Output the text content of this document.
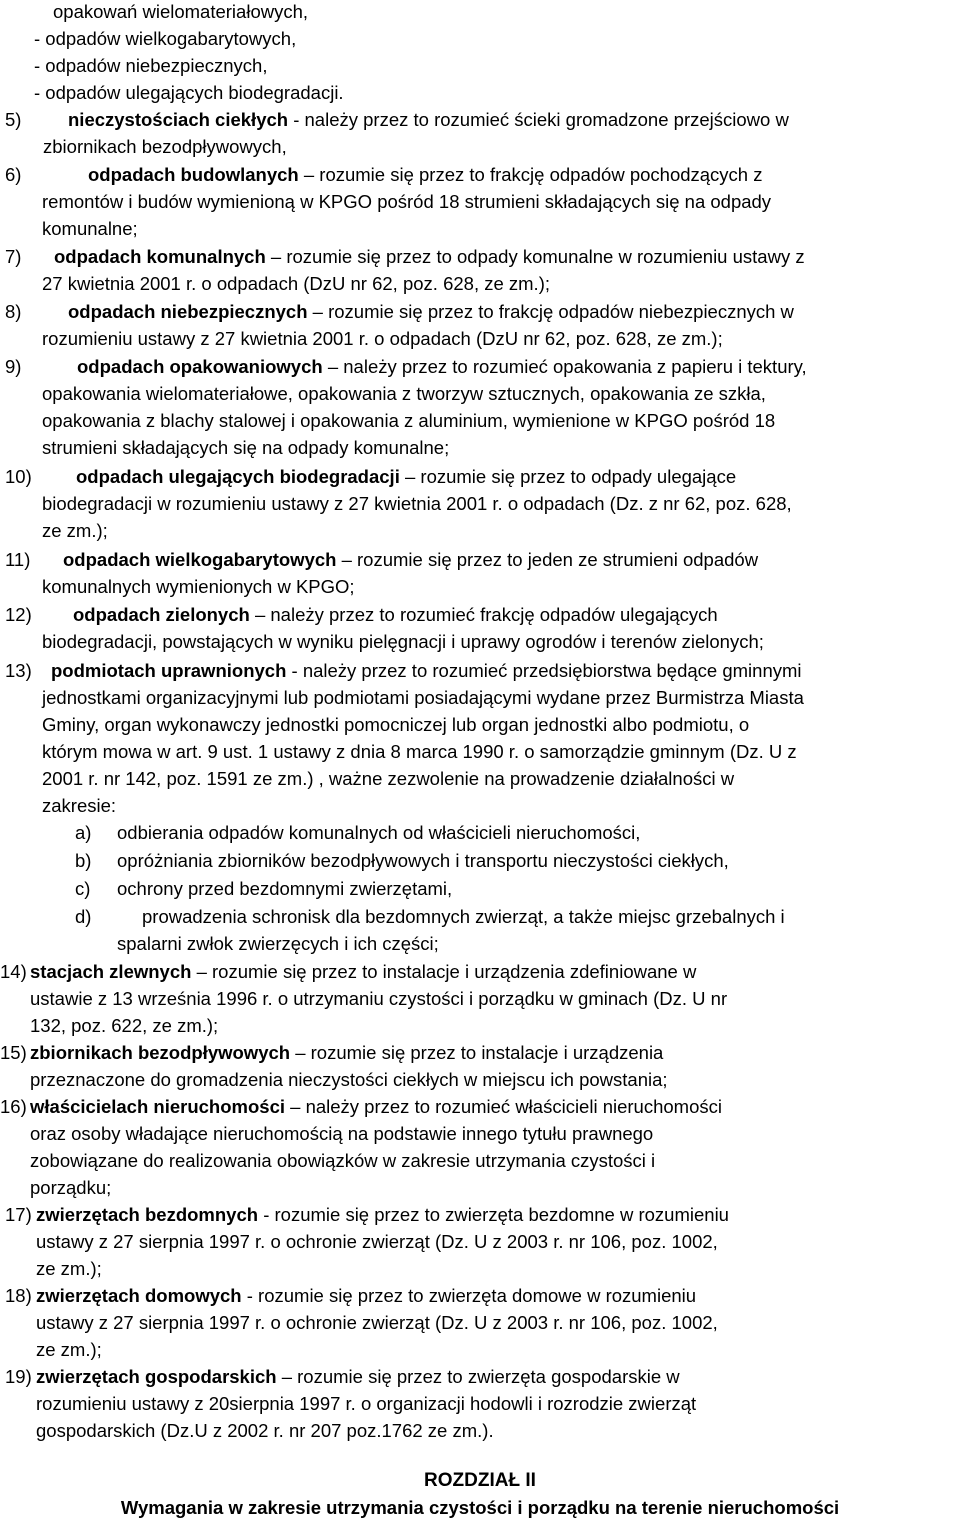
opakowań wielomateriałowych,
- odpadów wielkogabarytowych,
- odpadów niebezpiecznych,
- odpadów ulegających biodegradacji.
5)	nieczystościach ciekłych - należy przez to rozumieć ścieki gromadzone przejściowo w
zbiornikach bezodpływowych,
6)	odpadach budowlanych – rozumie się przez to frakcję odpadów pochodzących z
remontów i budów wymienioną w KPGO pośród 18 strumieni składających się na odpady
komunalne;
7) odpadach komunalnych – rozumie się przez to odpady komunalne w rozumieniu ustawy z
27 kwietnia 2001 r. o odpadach (DzU nr 62, poz. 628, ze zm.);
8)	odpadach niebezpiecznych – rozumie się przez to frakcję odpadów niebezpiecznych w
rozumieniu ustawy z 27 kwietnia 2001 r. o odpadach (DzU nr 62, poz. 628, ze zm.);
9)	odpadach opakowaniowych – należy przez to rozumieć opakowania z papieru i tektury,
opakowania wielomateriałowe, opakowania z tworzyw sztucznych, opakowania ze szkła,
opakowania z blachy stalowej i opakowania z aluminium, wymienione w KPGO pośród 18
strumieni składających się na odpady komunalne;
10) odpadach ulegających biodegradacji – rozumie się przez to odpady ulegające
biodegradacji w rozumieniu ustawy z 27 kwietnia 2001 r. o odpadach (Dz. z nr 62, poz. 628,
ze zm.);
11) odpadach wielkogabarytowych – rozumie się przez to jeden ze strumieni odpadów
komunalnych wymienionych w KPGO;
12) odpadach zielonych – należy przez to rozumieć frakcję odpadów ulegających
biodegradacji, powstających w wyniku pielęgnacji i uprawy ogrodów i terenów zielonych;
13) podmiotach uprawnionych - należy przez to rozumieć przedsiębiorstwa będące gminnymi
jednostkami organizacyjnymi lub podmiotami posiadającymi wydane przez Burmistrza Miasta
Gminy, organ wykonawczy jednostki pomocniczej lub organ jednostki albo podmiotu, o
którym mowa w art. 9 ust. 1 ustawy z dnia 8 marca 1990 r. o samorządzie gminnym (Dz. U z
2001 r. nr 142, poz. 1591 ze zm.) , ważne zezwolenie na prowadzenie działalności w
zakresie:
a) odbierania odpadów komunalnych od właścicieli nieruchomości,
b) opróżniania zbiorników bezodpływowych i transportu nieczystości ciekłych,
c) ochrony przed bezdomnymi zwierzętami,
d)	prowadzenia schronisk dla bezdomnych zwierząt, a także miejsc grzebalnych i
spalarni zwłok zwierzęcych i ich części;
14) stacjach zlewnych – rozumie się przez to instalacje i urządzenia zdefiniowane w
ustawie z 13 września 1996 r. o utrzymaniu czystości i porządku w gminach (Dz. U nr
132, poz. 622, ze zm.);
15) zbiornikach bezodpływowych – rozumie się przez to instalacje i urządzenia
przeznaczone do gromadzenia nieczystości ciekłych w miejscu ich powstania;
16) właścicielach nieruchomości – należy przez to rozumieć właścicieli nieruchomości
oraz osoby władające nieruchomością na podstawie innego tytułu prawnego
zobowiązane do realizowania obowiązków w zakresie utrzymania czystości i
porządku;
17) zwierzętach bezdomnych - rozumie się przez to zwierzęta bezdomne w rozumieniu
ustawy z 27 sierpnia 1997 r. o ochronie zwierząt (Dz. U z 2003 r. nr 106, poz. 1002,
ze zm.);
18) zwierzętach domowych - rozumie się przez to zwierzęta domowe w rozumieniu
ustawy z 27 sierpnia 1997 r. o ochronie zwierząt (Dz. U z 2003 r. nr 106, poz. 1002,
ze zm.);
19) zwierzętach gospodarskich – rozumie się przez to zwierzęta gospodarskie w
rozumieniu ustawy z 20sierpnia 1997 r. o organizacji hodowli i rozrodzie zwierząt
gospodarskich (Dz.U z 2002 r. nr 207 poz.1762 ze zm.).
ROZDZIAŁ II
Wymagania w zakresie utrzymania czystości i porządku na terenie nieruchomości
